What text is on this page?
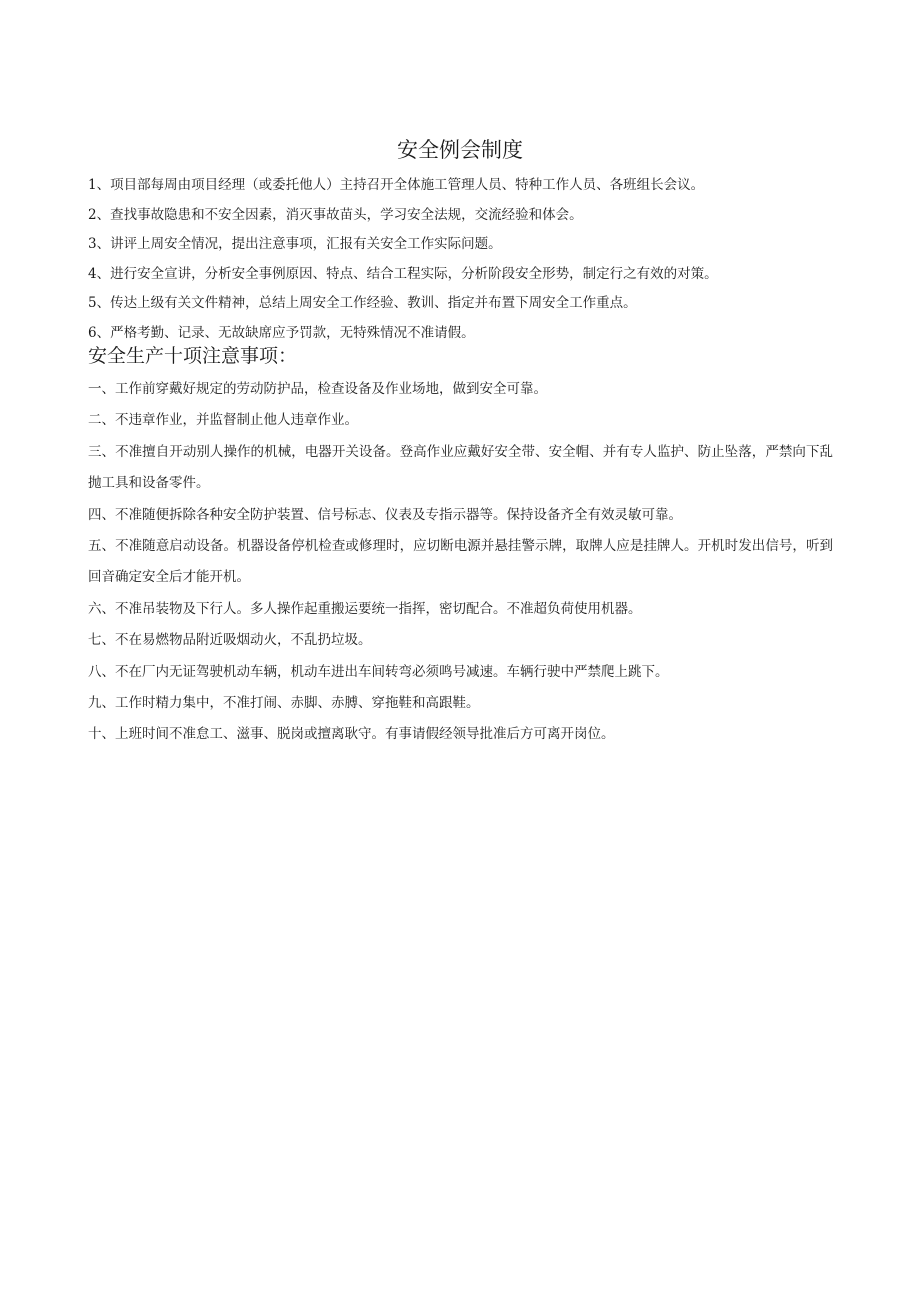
安全例会制度
1、项目部每周由项目经理（或委托他人）主持召开全体施工管理人员、特种工作人员、各班组长会议。
2、查找事故隐患和不安全因素，消灭事故苗头，学习安全法规，交流经验和体会。
3、讲评上周安全情况，提出注意事项，汇报有关安全工作实际问题。
4、进行安全宣讲，分析安全事例原因、特点、结合工程实际，分析阶段安全形势，制定行之有效的对策。
5、传达上级有关文件精神，总结上周安全工作经验、教训、指定并布置下周安全工作重点。
6、严格考勤、记录、无故缺席应予罚款，无特殊情况不准请假。
安全生产十项注意事项：
一、工作前穿戴好规定的劳动防护品，检查设备及作业场地，做到安全可靠。
二、不违章作业，并监督制止他人违章作业。
三、不准擅自开动别人操作的机械，电器开关设备。登高作业应戴好安全带、安全帽、并有专人监护、防止坠落，严禁向下乱抛工具和设备零件。
四、不准随便拆除各种安全防护装置、信号标志、仪表及专指示器等。保持设备齐全有效灵敏可靠。
五、不准随意启动设备。机器设备停机检查或修理时，应切断电源并悬挂警示牌，取牌人应是挂牌人。开机时发出信号，听到回音确定安全后才能开机。
六、不准吊装物及下行人。多人操作起重搬运要统一指挥，密切配合。不准超负荷使用机器。
七、不在易燃物品附近吸烟动火，不乱扔垃圾。
八、不在厂内无证驾驶机动车辆，机动车进出车间转弯必须鸣号减速。车辆行驶中严禁爬上跳下。
九、工作时精力集中，不准打闹、赤脚、赤膊、穿拖鞋和高跟鞋。
十、上班时间不准怠工、滋事、脱岗或擅离耿守。有事请假经领导批准后方可离开岗位。
